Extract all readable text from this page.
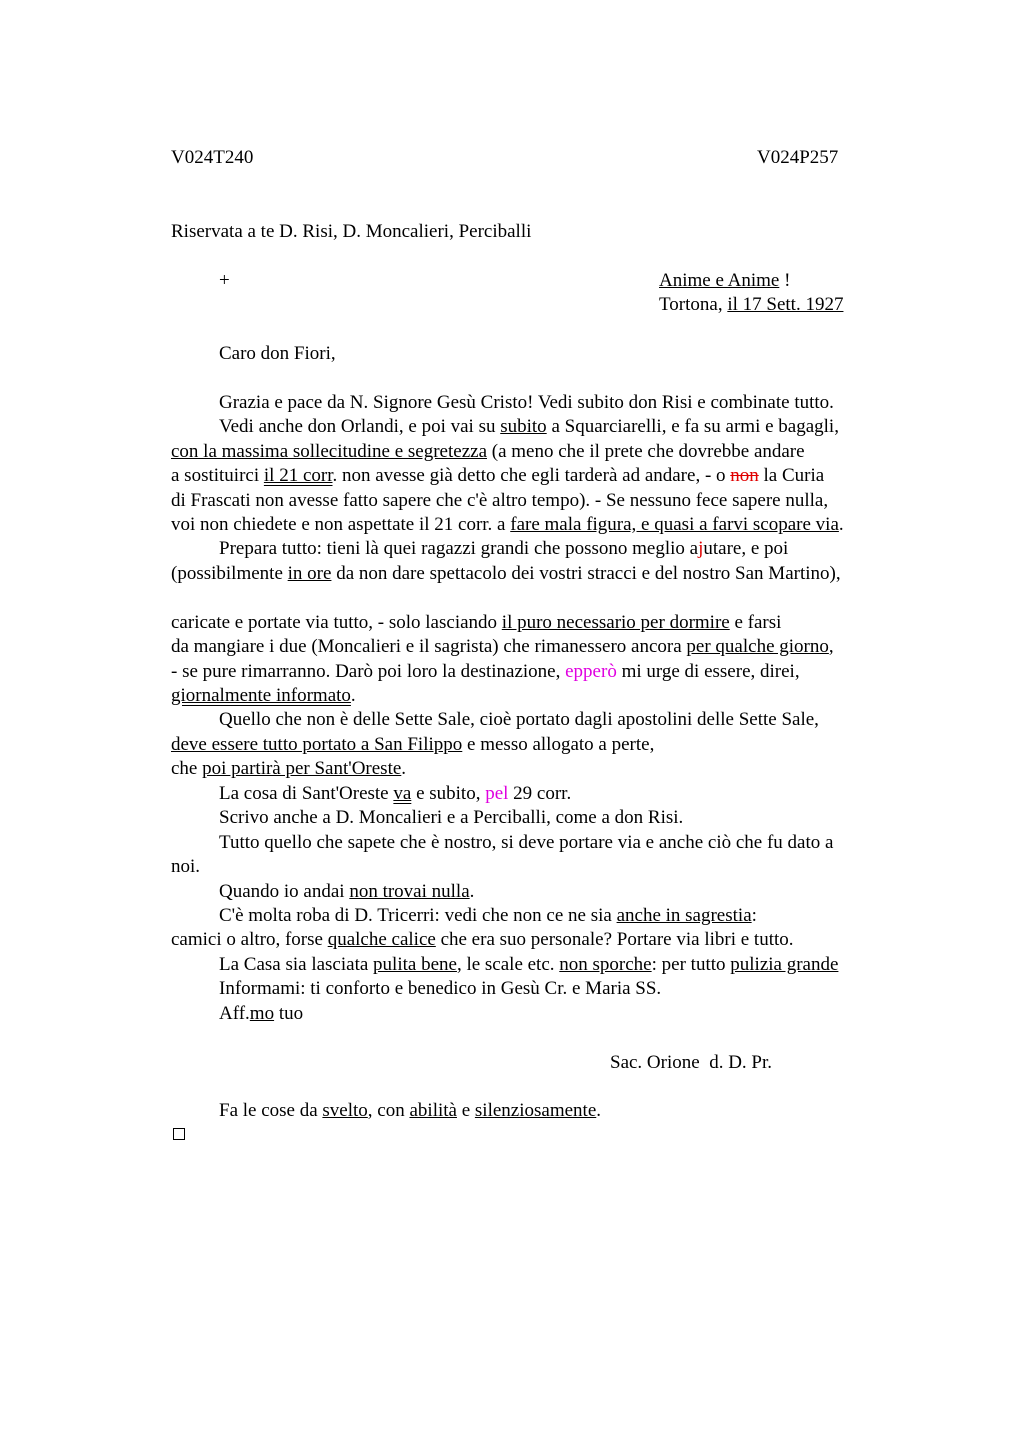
V024T240	V024P257
Riservata a te D. Risi, D. Moncalieri, Perciballi
+	Anime e Anime !
Tortona, il 17 Sett. 1927
Caro don Fiori,
Grazia e pace da N. Signore Gesù Cristo! Vedi subito don Risi e combinate tutto.
Vedi anche don Orlandi, e poi vai su subito a Squarciarelli, e fa su armi e bagagli,
con la massima sollecitudine e segretezza (a meno che il prete che dovrebbe andare
a sostituirci il 21 corr. non avesse già detto che egli tarderà ad andare, - o non la Curia
di Frascati non avesse fatto sapere che c'è altro tempo). - Se nessuno fece sapere nulla,
voi non chiedete e non aspettate il 21 corr. a fare mala figura, e quasi a farvi scopare via.
Prepara tutto: tieni là quei ragazzi grandi che possono meglio ajutare, e poi
(possibilmente in ore da non dare spettacolo dei vostri stracci e del nostro San Martino),
caricate e portate via tutto, - solo lasciando il puro necessario per dormire e farsi
da mangiare i due (Moncalieri e il sagrista) che rimanessero ancora per qualche giorno,
- se pure rimarranno. Darò poi loro la destinazione, epperò mi urge di essere, direi,
giornalmente informato.
Quello che non è delle Sette Sale, cioè portato dagli apostolini delle Sette Sale,
deve essere tutto portato a San Filippo e messo allogato a perte,
che poi partirà per Sant'Oreste.
La cosa di Sant'Oreste va e subito, pel 29 corr.
Scrivo anche a D. Moncalieri e a Perciballi, come a don Risi.
Tutto quello che sapete che è nostro, si deve portare via e anche ciò che fu dato a
noi.
Quando io andai non trovai nulla.
C'è molta roba di D. Tricerri: vedi che non ce ne sia anche in sagrestia:
camici o altro, forse qualche calice che era suo personale? Portare via libri e tutto.
La Casa sia lasciata pulita bene, le scale etc. non sporche: per tutto pulizia grande
Informami: ti conforto e benedico in Gesù Cr. e Maria SS.
Aff.mo tuo
Sac. Orione  d. D. Pr.
Fa le cose da svelto, con abilità e silenziosamente.
